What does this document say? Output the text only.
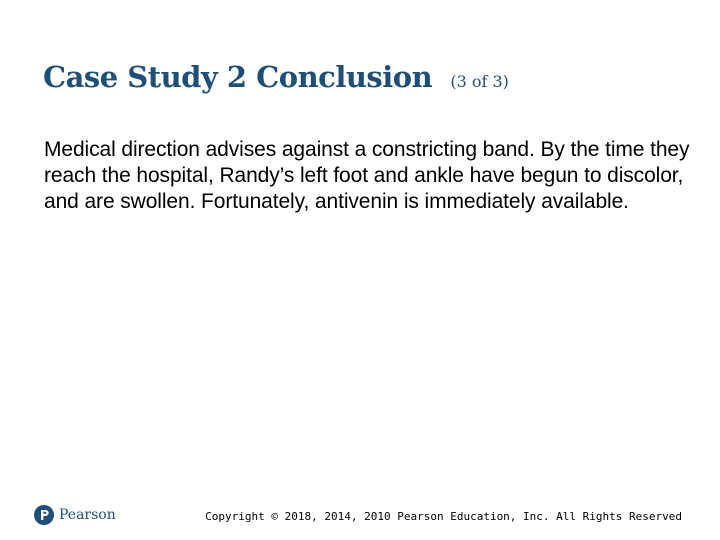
Case Study 2 Conclusion (3 of 3)
Medical direction advises against a constricting band. By the time they reach the hospital, Randy’s left foot and ankle have begun to discolor, and are swollen. Fortunately, antivenin is immediately available.
Pearson	Copyright © 2018, 2014, 2010 Pearson Education, Inc. All Rights Reserved
